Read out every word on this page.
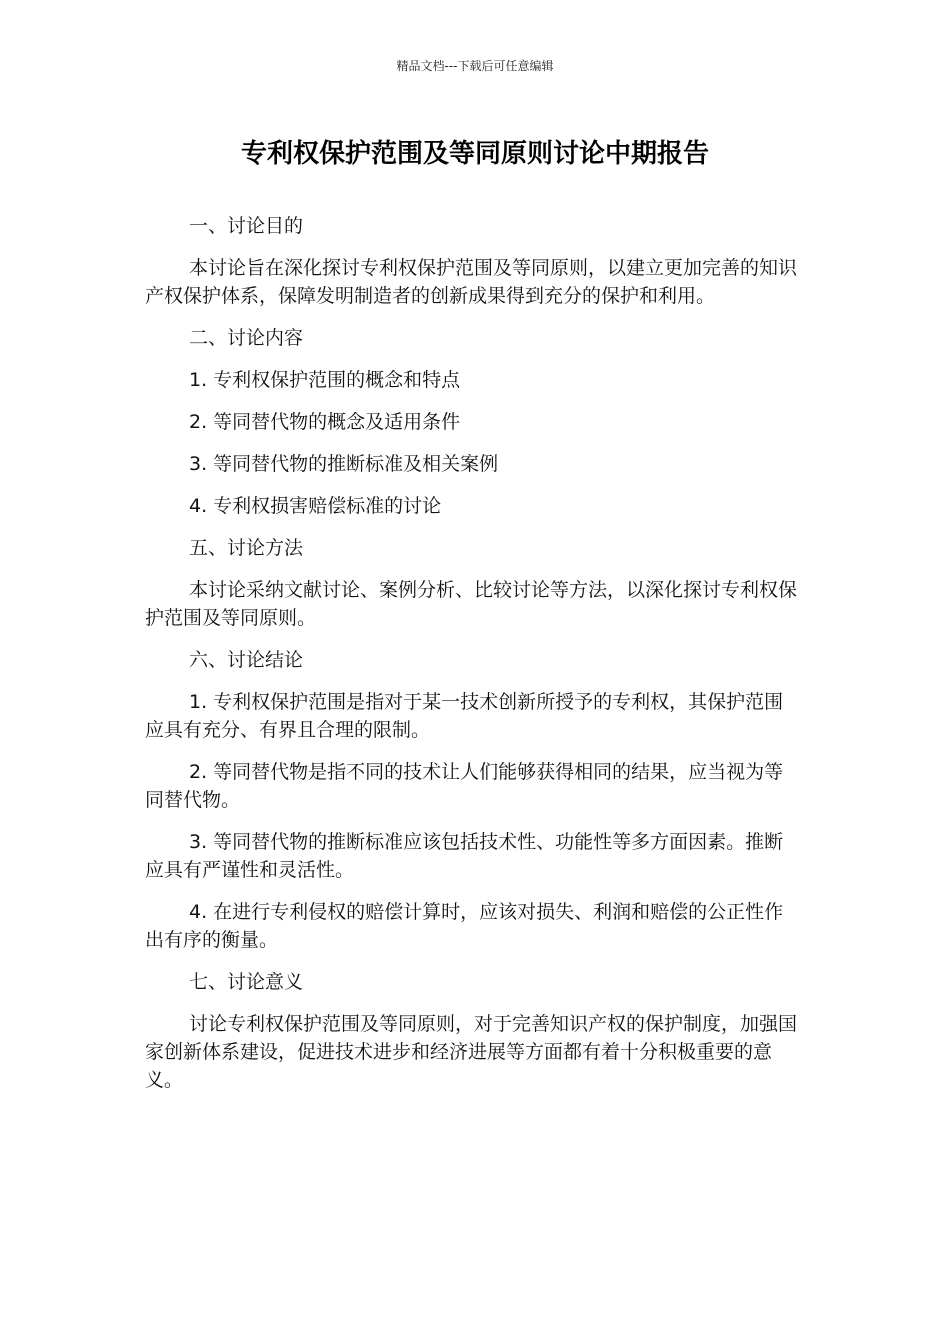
精品文档---下载后可任意编辑
专利权保护范围及等同原则讨论中期报告

一、讨论目的

本讨论旨在深化探讨专利权保护范围及等同原则，以建立更加完善的知识产权保护体系，保障发明制造者的创新成果得到充分的保护和利用。

二、讨论内容

1. 专利权保护范围的概念和特点

2. 等同替代物的概念及适用条件

3. 等同替代物的推断标准及相关案例

4. 专利权损害赔偿标准的讨论

五、讨论方法

本讨论采纳文献讨论、案例分析、比较讨论等方法，以深化探讨专利权保护范围及等同原则。

六、讨论结论

1. 专利权保护范围是指对于某一技术创新所授予的专利权，其保护范围应具有充分、有界且合理的限制。

2. 等同替代物是指不同的技术让人们能够获得相同的结果，应当视为等同替代物。

3. 等同替代物的推断标准应该包括技术性、功能性等多方面因素。推断应具有严谨性和灵活性。

4. 在进行专利侵权的赔偿计算时，应该对损失、利润和赔偿的公正性作出有序的衡量。

七、讨论意义

讨论专利权保护范围及等同原则，对于完善知识产权的保护制度，加强国家创新体系建设，促进技术进步和经济进展等方面都有着十分积极重要的意义。
